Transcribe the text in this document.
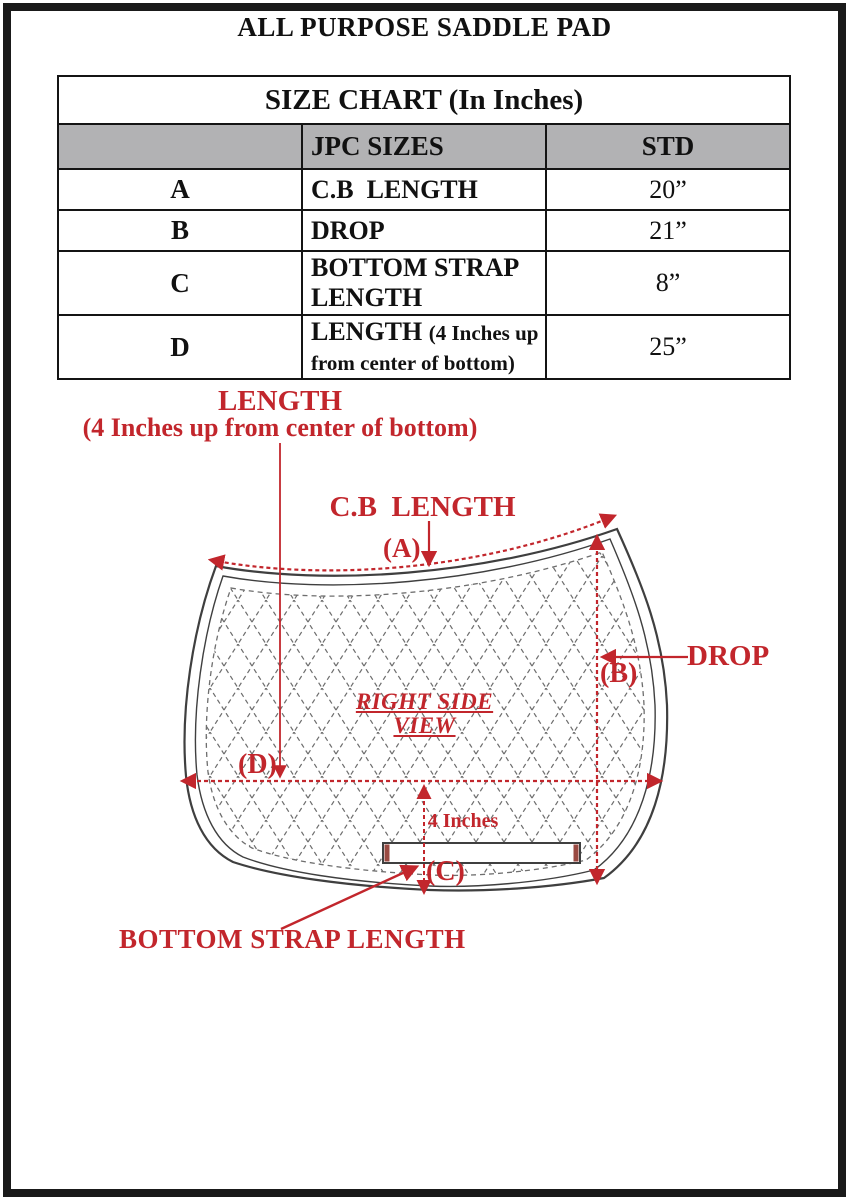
ALL PURPOSE SADDLE PAD
SIZE CHART (In Inches)		
	JPC SIZES	STD
A	C.B  LENGTH	20”
B	DROP	21”
C	BOTTOM STRAP LENGTH	8”
D	LENGTH (4 Inches up from center of bottom)	25”
LENGTH
(4 Inches up from center of bottom)
C.B  LENGTH
(A)
DROP
(B)
(D)
4 Inches
(C)
BOTTOM STRAP LENGTH
RIGHT SIDE VIEW
